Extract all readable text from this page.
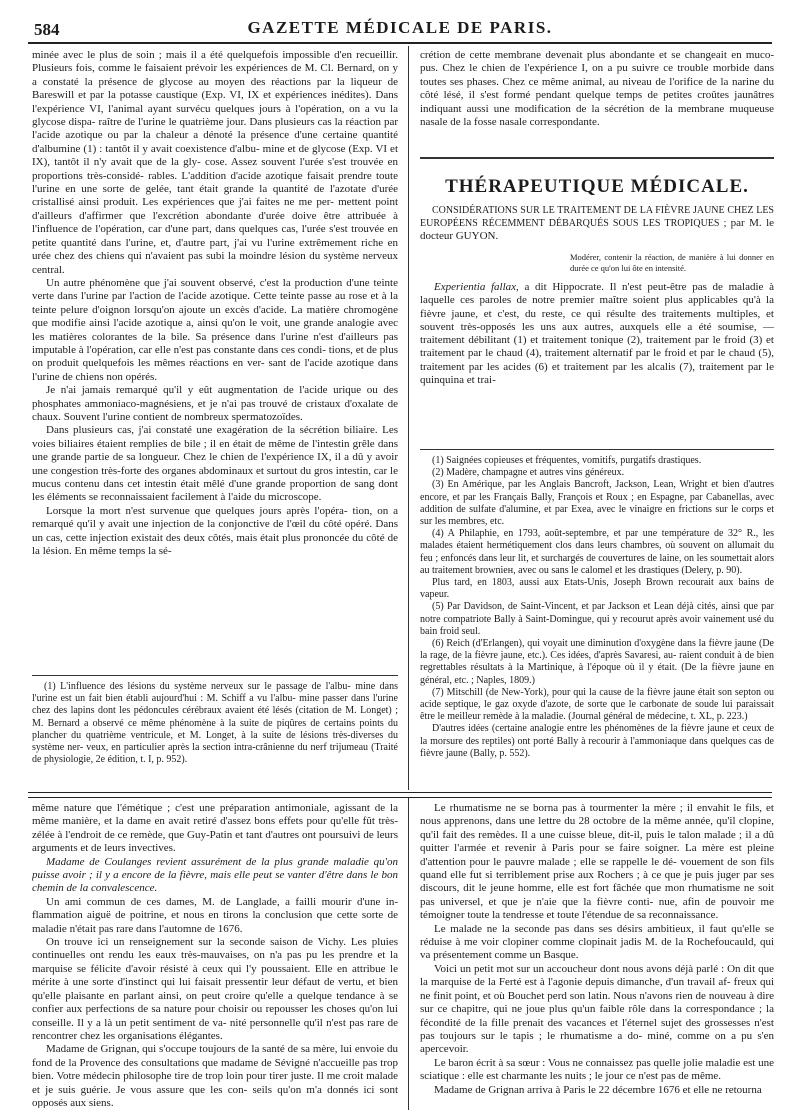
584	GAZETTE MÉDICALE DE PARIS.

minée avec le plus de soin ; mais il a été quelquefois impossible d'en recueillir. Plusieurs fois, comme le faisaient prévoir les expériences de M. Cl. Bernard, on y a constaté la présence de glycose au moyen des réactions par la liqueur de Bareswill et par la potasse caustique (Exp. VI, IX et expériences inédites). Dans l'expérience VI, l'animal ayant survécu quelques jours à l'opération, on a vu la glycose dispa- raître de l'urine le quatrième jour. Dans plusieurs cas la réaction par l'acide azotique ou par la chaleur a dénoté la présence d'une certaine quantité d'albumine (1) : tantôt il y avait coexistence d'albu- mine et de glycose (Exp. VI et IX), tantôt il n'y avait que de la gly- cose. Assez souvent l'urée s'est trouvée en proportions très-considé- rables. L'addition d'acide azotique faisait prendre toute l'urine en une sorte de gelée, tant était grande la quantité de l'azotate d'urée cristallisé ainsi produit. Les expériences que j'ai faites ne me per- mettent point d'ailleurs d'affirmer que l'excrétion abondante d'urée doive être attribuée à l'influence de l'opération, car d'une part, dans quelques cas, l'urée s'est trouvée en petite quantité dans l'urine, et, d'autre part, j'ai vu l'urine extrêmement riche en urée chez des chiens qui n'avaient pas subi la moindre lésion du système nerveux central.

Un autre phénomène que j'ai souvent observé, c'est la production d'une teinte verte dans l'urine par l'action de l'acide azotique. Cette teinte passe au rose et à la teinte pelure d'oignon lorsqu'on ajoute un excès d'acide. La matière chromogène que modifie ainsi l'acide azotique a, ainsi qu'on le voit, une grande analogie avec les matières colorantes de la bile. Sa présence dans l'urine n'est d'ailleurs pas imputable à l'opération, car elle n'est pas constante dans ces condi- tions, et de plus on produit quelquefois les mêmes réactions en ver- sant de l'acide azotique dans l'urine de chiens non opérés.

Je n'ai jamais remarqué qu'il y eût augmentation de l'acide urique ou des phosphates ammoniaco-magnésiens, et je n'ai pas trouvé de cristaux d'oxalate de chaux. Souvent l'urine contient de nombreux spermatozoïdes.

Dans plusieurs cas, j'ai constaté une exagération de la sécrétion biliaire. Les voies biliaires étaient remplies de bile ; il en était de même de l'intestin grêle dans une grande partie de sa longueur. Chez le chien de l'expérience IX, il a dû y avoir une congestion très-forte des organes abdominaux et surtout du gros intestin, car le mucus contenu dans cet intestin était mêlé d'une grande proportion de sang dont les éléments se reconnaissaient facilement à l'aide du microscope.

Lorsque la mort n'est survenue que quelques jours après l'opéra- tion, on a remarqué qu'il y avait une injection de la conjonctive de l'œil du côté opéré. Dans un cas, cette injection existait des deux côtés, mais était plus prononcée du côté de la lésion. En même temps la sé-

(1) L'influence des lésions du système nerveux sur le passage de l'albu- mine dans l'urine est un fait bien établi aujourd'hui : M. Schiff a vu l'albu- mine passer dans l'urine chez des lapins dont les pédoncules cérébraux avaient été lésés (citation de M. Longet) ; M. Bernard a observé ce même phénomène à la suite de piqûres de certains points du plancher du quatrième ventricule, et M. Longet, à la suite de lésions très-diverses du système ner- veux, en particulier après la section intra-crânienne du nerf trijumeau (Traité de physiologie, 2e édition, t. I, p. 952).

crétion de cette membrane devenait plus abondante et se changeait en muco-pus. Chez le chien de l'expérience I, on a pu suivre ce trouble morbide dans toutes ses phases. Chez ce même animal, au niveau de l'orifice de la narine du côté lésé, il s'est formé pendant quelque temps de petites croûtes jaunâtres indiquant aussi une modification de la sécrétion de la membrane muqueuse nasale de la fosse nasale correspondante.

THÉRAPEUTIQUE MÉDICALE.

CONSIDÉRATIONS SUR LE TRAITEMENT DE LA FIÈVRE JAUNE CHEZ LES EUROPÉENS RÉCEMMENT DÉBARQUÉS SOUS LES TROPIQUES ; par M. le docteur GUYON.

Modérer, contenir la réaction, de manière à lui donner en durée ce qu'on lui ôte en intensité.

Experientia fallax, a dit Hippocrate. Il n'est peut-être pas de maladie à laquelle ces paroles de notre premier maître soient plus applicables qu'à la fièvre jaune, et c'est, du reste, ce qui résulte des traitements multiples, et souvent très-opposés les uns aux autres, auxquels elle a été soumise, — traitement débilitant (1) et traitement tonique (2), traitement par le froid (3) et traitement par le chaud (4), traitement alternatif par le froid et par le chaud (5), traitement par les acides (6) et traitement par les alcalis (7), traitement par le quinquina et trai-

(1) Saignées copieuses et fréquentes, vomitifs, purgatifs drastiques.

(2) Madère, champagne et autres vins généreux.

(3) En Amérique, par les Anglais Bancroft, Jackson, Lean, Wright et bien d'autres encore, et par les Français Bally, François et Roux ; en Espagne, par Cabanellas, avec addition de sulfate d'alumine, et par Exea, avec le vinaigre en frictions sur le corps et sur les membres, etc.

(4) A Philaphie, en 1793, août-septembre, et par une température de 32° R., les malades étaient hermétiquement clos dans leurs chambres, où souvent on allumait du feu ; enfoncés dans leur lit, et surchargés de couvertures de laine, on les soumettait alors au traitement browniен, avec ou sans le calomel et les drastiques (Delery, p. 90).

Plus tard, en 1803, aussi aux Etats-Unis, Joseph Brown recourait aux bains de vapeur.

(5) Par Davidson, de Saint-Vincent, et par Jackson et Lean déjà cités, ainsi que par notre compatriote Bally à Saint-Domingue, qui y recourut après avoir vainement usé du bain froid seul.

(6) Reich (d'Erlangen), qui voyait une diminution d'oxygène dans la fièvre jaune (De la rage, de la fièvre jaune, etc.). Ces idées, d'après Savaresi, au- raient conduit à de bien regrettables résultats à la Martinique, à l'époque où il y était. (De la fièvre jaune en général, etc. ; Naples, 1809.)

(7) Mitschill (de New-York), pour qui la cause de la fièvre jaune était son septon ou acide septique, le gaz oxyde d'azote, de sorte que le carbonate de soude lui paraissait être le meilleur remède à la maladie. (Journal général de médecine, t. XL, p. 223.)

D'autres idées (certaine analogie entre les phénomènes de la fièvre jaune et ceux de la morsure des reptiles) ont porté Bally à recourir à l'ammoniaque dans quelques cas de fièvre jaune (Bally, p. 552).

même nature que l'émétique ; c'est une préparation antimoniale, agissant de la même manière, et la dame en avait retiré d'assez bons effets pour qu'elle fût très-zélée à l'endroit de ce remède, que Guy-Patin et tant d'autres ont poursuivi de leurs arguments et de leurs invectives.

Madame de Coulanges revient assurément de la plus grande maladie qu'on puisse avoir ; il y a encore de la fièvre, mais elle peut se vanter d'être dans le bon chemin de la convalescence.

Un ami commun de ces dames, M. de Langlade, a failli mourir d'une in- flammation aiguë de poitrine, et nous en tirons la conclusion que cette sorte de maladie n'était pas rare dans l'automne de 1676.

On trouve ici un renseignement sur la seconde saison de Vichy. Les pluies continuelles ont rendu les eaux très-mauvaises, on n'a pas pu les prendre et la marquise se félicite d'avoir résisté à ceux qui l'y poussaient. Elle en attribue le mérite à une sorte d'instinct qui lui faisait pressentir leur défaut de vertu, et bien qu'elle plaisante en parlant ainsi, on peut croire qu'elle a quelque tendance à se confier aux perfections de sa nature pour choisir ou repousser les choses qu'on lui conseille. Il y a là un petit sentiment de va- nité personnelle qu'il n'est pas rare de rencontrer chez les organisations élégantes.

Madame de Grignan, qui s'occupe toujours de la santé de sa mère, lui envoie du fond de la Provence des consultations que madame de Sévigné n'accueille pas trop bien. Votre médecin philosophe tire de trop loin pour tirer juste. Il me croit malade et je suis guérie. Je vous assure que les con- seils qu'on m'a donnés ici sont opposés aux siens.

Le rhumatisme ne se borna pas à tourmenter la mère ; il envahit le fils, et nous apprenons, dans une lettre du 28 octobre de la même année, qu'il clopine, qu'il fait des remèdes. Il a une cuisse bleue, dit-il, puis le talon malade ; il a dû quitter l'armée et revenir à Paris pour se faire soigner. La mère est pleine d'attention pour le pauvre malade ; elle se rappelle le dé- vouement de son fils quand elle fut si terriblement prise aux Rochers ; à ce que je puis juger par ses discours, dit le jeune homme, elle est fort fâchée que mon rhumatisme ne soit pas universel, et que je n'aie que la fièvre conti- nue, afin de pouvoir me témoigner toute la tendresse et toute l'étendue de sa reconnaissance.

Le malade ne la seconde pas dans ses désirs ambitieux, il faut qu'elle se réduise à me voir clopiner comme clopinait jadis M. de la Rochefoucauld, qui va présentement comme un Basque.

Voici un petit mot sur un accoucheur dont nous avons déjà parlé : On dit que la marquise de la Ferté est à l'agonie depuis dimanche, d'un travail af- freux qui ne finit point, et où Bouchet perd son latin. Nous n'avons rien de nouveau à dire sur ce chapitre, qui ne joue plus qu'un faible rôle dans la correspondance ; la fécondité de la fille prenait des vacances et l'éternel sujet des grossesses n'est pas toujours sur le tapis ; le rhumatisme a do- miné, comme on a pu s'en apercevoir.

Le baron écrit à sa sœur : Vous ne connaissez pas quelle jolie maladie est une sciatique : elle est charmante les nuits ; le jour ce n'est pas de même.

Madame de Grignan arriva à Paris le 22 décembre 1676 et elle ne retourna
